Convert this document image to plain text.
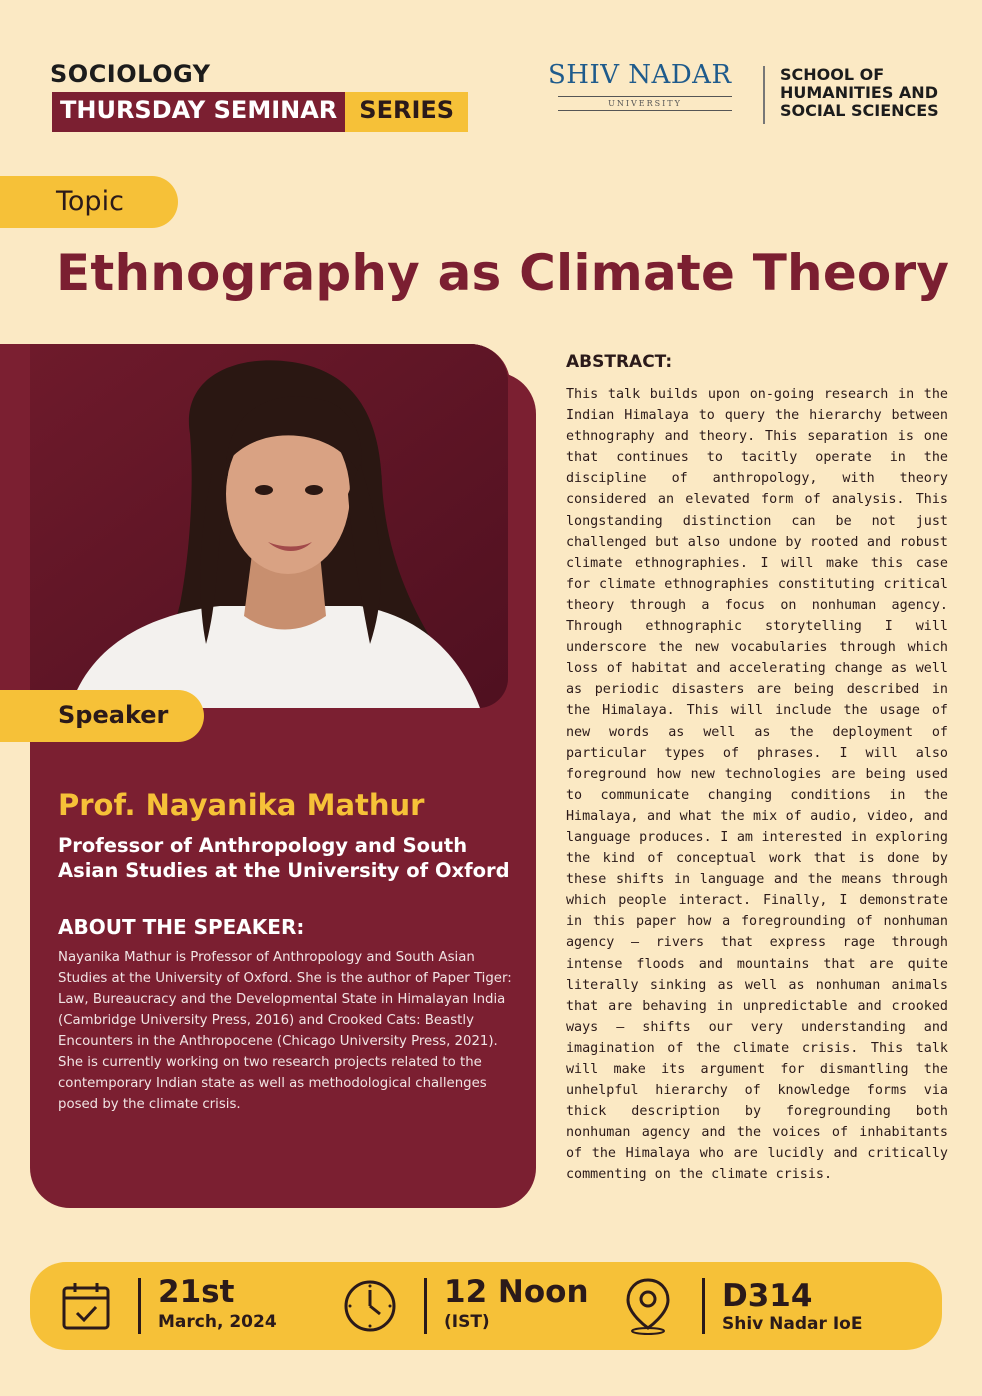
SOCIOLOGY
THURSDAY SEMINAR SERIES
SHIV NADAR
UNIVERSITY
SCHOOL OF
HUMANITIES AND
SOCIAL SCIENCES
Topic
Ethnography as Climate Theory
Speaker
Prof. Nayanika Mathur
Professor of Anthropology and South Asian Studies at the University of Oxford
ABOUT THE SPEAKER:
Nayanika Mathur is Professor of Anthropology and South Asian Studies at the University of Oxford. She is the author of Paper Tiger: Law, Bureaucracy and the Developmental State in Himalayan India (Cambridge University Press, 2016) and Crooked Cats: Beastly Encounters in the Anthropocene (Chicago University Press, 2021). She is currently working on two research projects related to the contemporary Indian state as well as methodological challenges posed by the climate crisis.
ABSTRACT:
This talk builds upon on-going research in the Indian Himalaya to query the hierarchy between ethnography and theory. This separation is one that continues to tacitly operate in the discipline of anthropology, with theory considered an elevated form of analysis. This longstanding distinction can be not just challenged but also undone by rooted and robust climate ethnographies. I will make this case for climate ethnographies constituting critical theory through a focus on nonhuman agency. Through ethnographic storytelling I will underscore the new vocabularies through which loss of habitat and accelerating change as well as periodic disasters are being described in the Himalaya. This will include the usage of new words as well as the deployment of particular types of phrases. I will also foreground how new technologies are being used to communicate changing conditions in the Himalaya, and what the mix of audio, video, and language produces. I am interested in exploring the kind of conceptual work that is done by these shifts in language and the means through which people interact. Finally, I demonstrate in this paper how a foregrounding of nonhuman agency – rivers that express rage through intense floods and mountains that are quite literally sinking as well as nonhuman animals that are behaving in unpredictable and crooked ways – shifts our very understanding and imagination of the climate crisis. This talk will make its argument for dismantling the unhelpful hierarchy of knowledge forms via thick description by foregrounding both nonhuman agency and the voices of inhabitants of the Himalaya who are lucidly and critically commenting on the climate crisis.
21st
March, 2024
12 Noon
(IST)
D314
Shiv Nadar IoE
